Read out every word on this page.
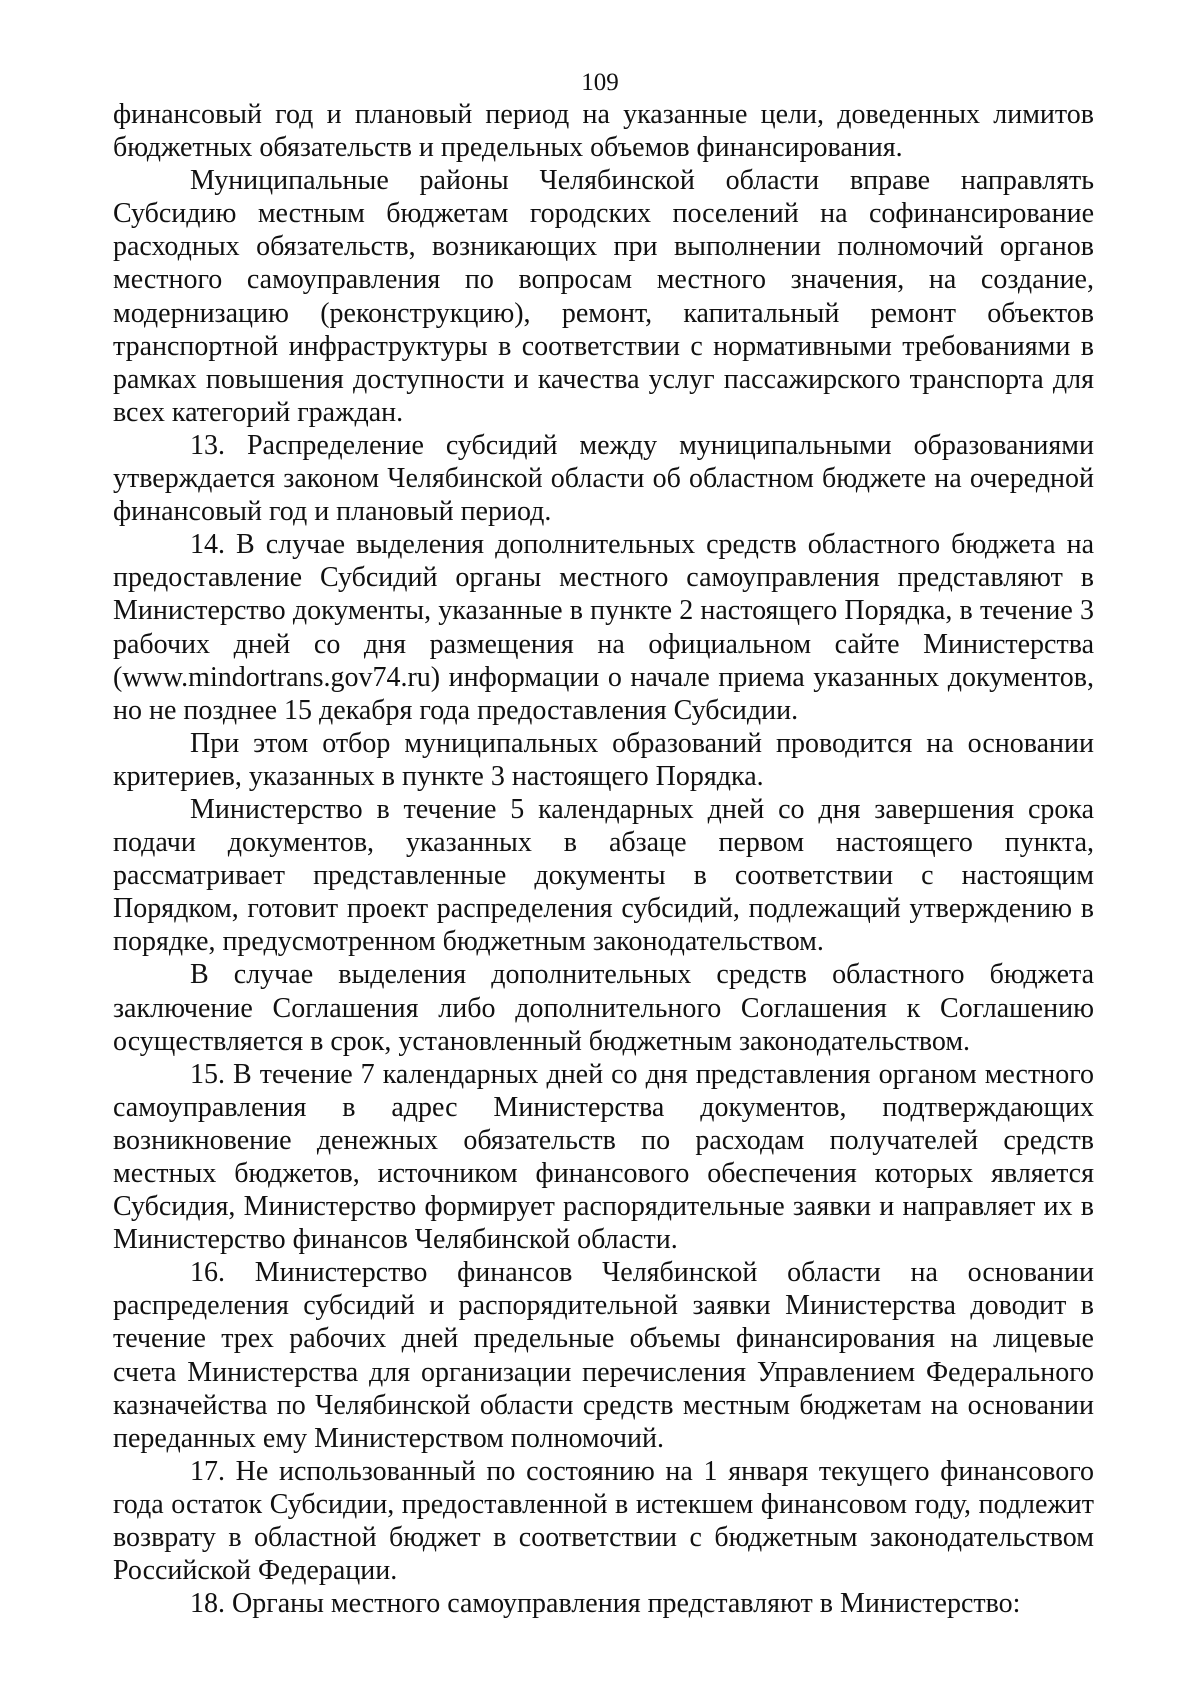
109

финансовый год и плановый период на указанные цели, доведенных лимитов бюджетных обязательств и предельных объемов финансирования.

Муниципальные районы Челябинской области вправе направлять Субсидию местным бюджетам городских поселений на софинансирование расходных обязательств, возникающих при выполнении полномочий органов местного самоуправления по вопросам местного значения, на создание, модернизацию (реконструкцию), ремонт, капитальный ремонт объектов транспортной инфраструктуры в соответствии с нормативными требованиями в рамках повышения доступности и качества услуг пассажирского транспорта для всех категорий граждан.

13. Распределение субсидий между муниципальными образованиями утверждается законом Челябинской области об областном бюджете на очередной финансовый год и плановый период.

14. В случае выделения дополнительных средств областного бюджета на предоставление Субсидий органы местного самоуправления представляют в Министерство документы, указанные в пункте 2 настоящего Порядка, в течение 3 рабочих дней со дня размещения на официальном сайте Министерства (www.mindortrans.gov74.ru) информации о начале приема указанных документов, но не позднее 15 декабря года предоставления Субсидии.

При этом отбор муниципальных образований проводится на основании критериев, указанных в пункте 3 настоящего Порядка.

Министерство в течение 5 календарных дней со дня завершения срока подачи документов, указанных в абзаце первом настоящего пункта, рассматривает представленные документы в соответствии с настоящим Порядком, готовит проект распределения субсидий, подлежащий утверждению в порядке, предусмотренном бюджетным законодательством.

В случае выделения дополнительных средств областного бюджета заключение Соглашения либо дополнительного Соглашения к Соглашению осуществляется в срок, установленный бюджетным законодательством.

15. В течение 7 календарных дней со дня представления органом местного самоуправления в адрес Министерства документов, подтверждающих возникновение денежных обязательств по расходам получателей средств местных бюджетов, источником финансового обеспечения которых является Субсидия, Министерство формирует распорядительные заявки и направляет их в Министерство финансов Челябинской области.

16. Министерство финансов Челябинской области на основании распределения субсидий и распорядительной заявки Министерства доводит в течение трех рабочих дней предельные объемы финансирования на лицевые счета Министерства для организации перечисления Управлением Федерального казначейства по Челябинской области средств местным бюджетам на основании переданных ему Министерством полномочий.

17. Не использованный по состоянию на 1 января текущего финансового года остаток Субсидии, предоставленной в истекшем финансовом году, подлежит возврату в областной бюджет в соответствии с бюджетным законодательством Российской Федерации.

18. Органы местного самоуправления представляют в Министерство:
